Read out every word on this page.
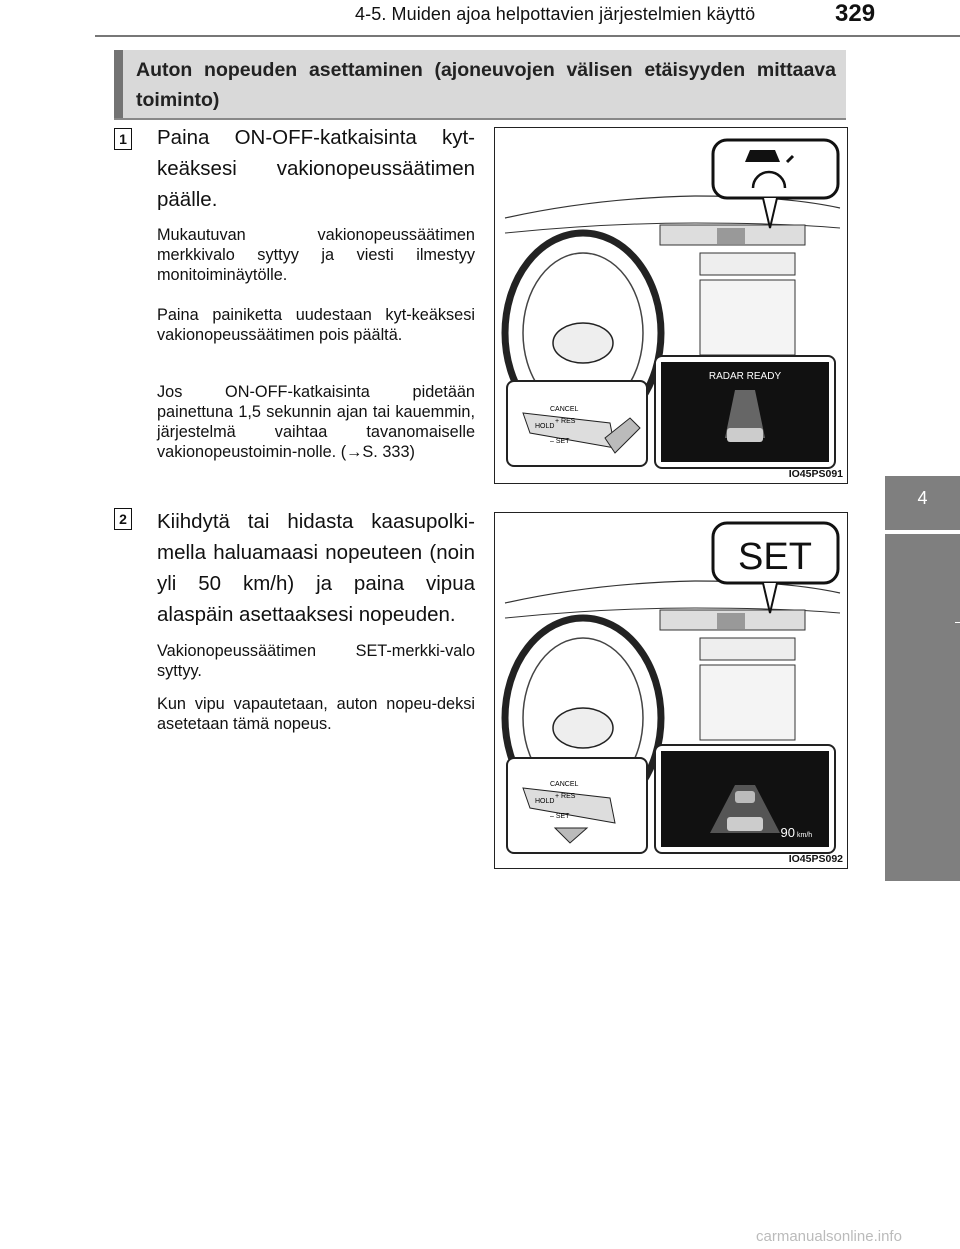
4-5. Muiden ajoa helpottavien järjestelmien käyttö	329
4
Ajaminen
Auton nopeuden asettaminen (ajoneuvojen välisen etäisyyden mittaava toiminto)
1 Paina ON-OFF-katkaisinta kyt-keäksesi vakionopeussäätimen päälle.
Mukautuvan vakionopeussäätimen merkkivalo syttyy ja viesti ilmestyy monitoiminäytölle.
Paina painiketta uudestaan kyt-keäksesi vakionopeussäätimen pois päältä.
Jos ON-OFF-katkaisinta pidetään painettuna 1,5 sekunnin ajan tai kauemmin, järjestelmä vaihtaa tavanomaiselle vakionopeustoimin-nolle. (→S. 333)
CANCEL
+ RES
HOLD
– SET
RADAR READY
IO45PS091
2 Kiihdytä tai hidasta kaasupolki-mella haluamaasi nopeuteen (noin yli 50 km/h) ja paina vipua alaspäin asettaaksesi nopeuden.
Vakionopeussäätimen SET-merkki-valo syttyy.
Kun vipu vapautetaan, auton nopeu-deksi asetetaan tämä nopeus.
SET
CANCEL
+ RES
HOLD
– SET
90 km/h
IO45PS092
carmanualsonline.info
